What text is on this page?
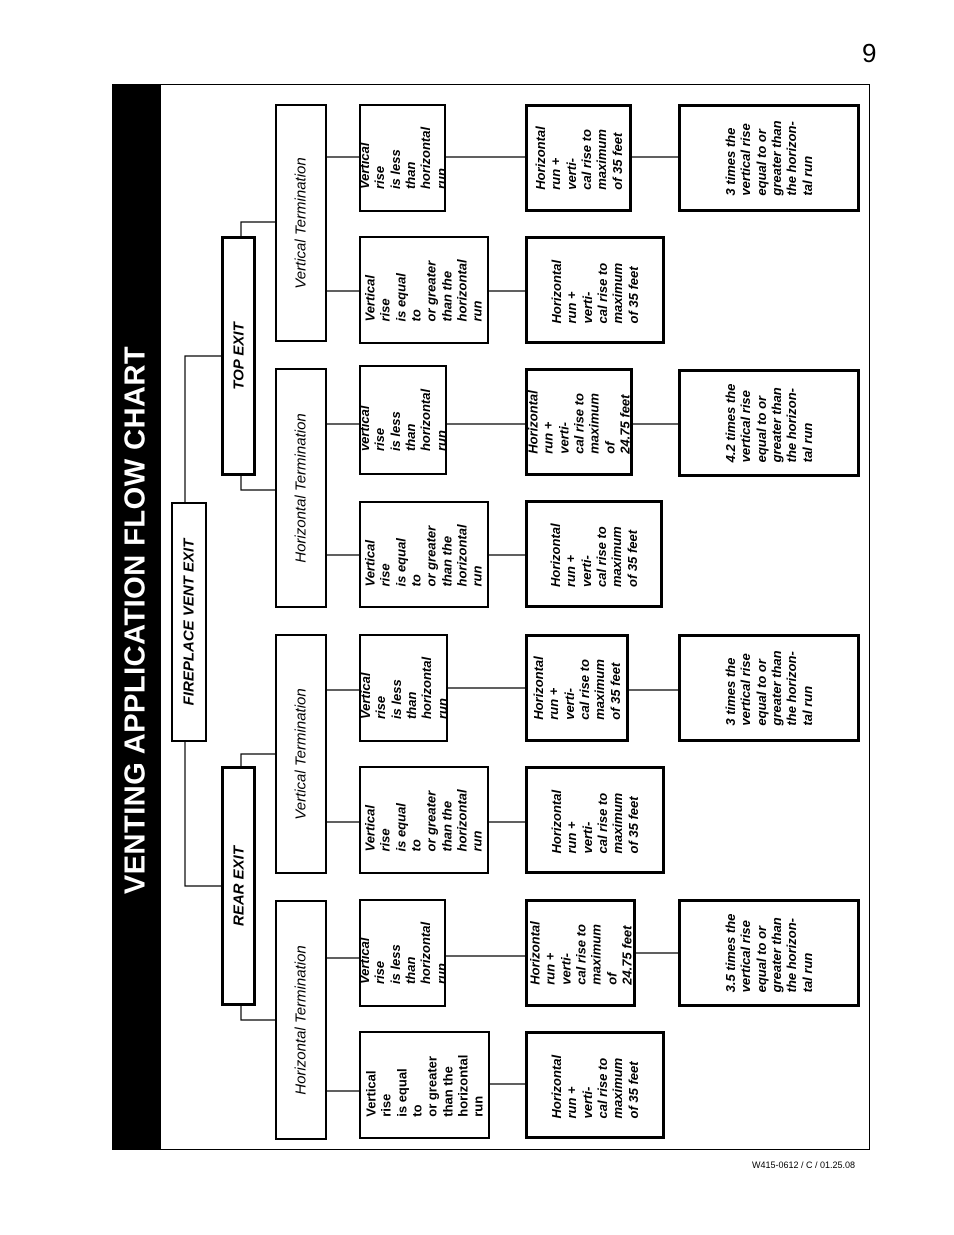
9
VENTING APPLICATION FLOW CHART FIREPLACE VENT EXIT
REAR EXIT
TOP EXIT
Horizontal Termination
Vertical Termination
Horizontal Termination
Vertical Termination
Vertical rise
is equal to
or greater
than the
horizontal
run
Vertical rise
is less than
horizontal
run
Vertical rise
is equal to
or greater
than the
horizontal
run
Vertical rise
is less than
horizontal
run
Vertical rise
is equal to
or greater
than the
horizontal
run
vertical rise
is less than
horizontal
run
Vertical rise
is equal to
or greater
than the
horizontal
run
Vertical rise
is less than
horizontal
run
Horizontal
run + verti-
cal rise to
maximum
of 35 feet
Horizontal
run + verti-
cal rise to
maximum of
24.75 feet
Horizontal
run + verti-
cal rise to
maximum
of 35 feet
Horizontal
run + verti-
cal rise to
maximum
of 35 feet
Horizontal
run + verti-
cal rise to
maximum
of 35 feet
Horizontal
run + verti-
cal rise to
maximum of
24.75 feet
Horizontal
run + verti-
cal rise to
maximum
of 35 feet
Horizontal
run + verti-
cal rise to
maximum
of 35 feet
3.5 times the
vertical rise
equal to or
greater than
the horizon-
tal run
3 times the
vertical rise
equal to or
greater than
the horizon-
tal run
4.2 times the
vertical rise
equal to or
greater than
the horizon-
tal run
3 times the
vertical rise
equal to or
greater than
the horizon-
tal run
W415-0612 / C / 01.25.08
